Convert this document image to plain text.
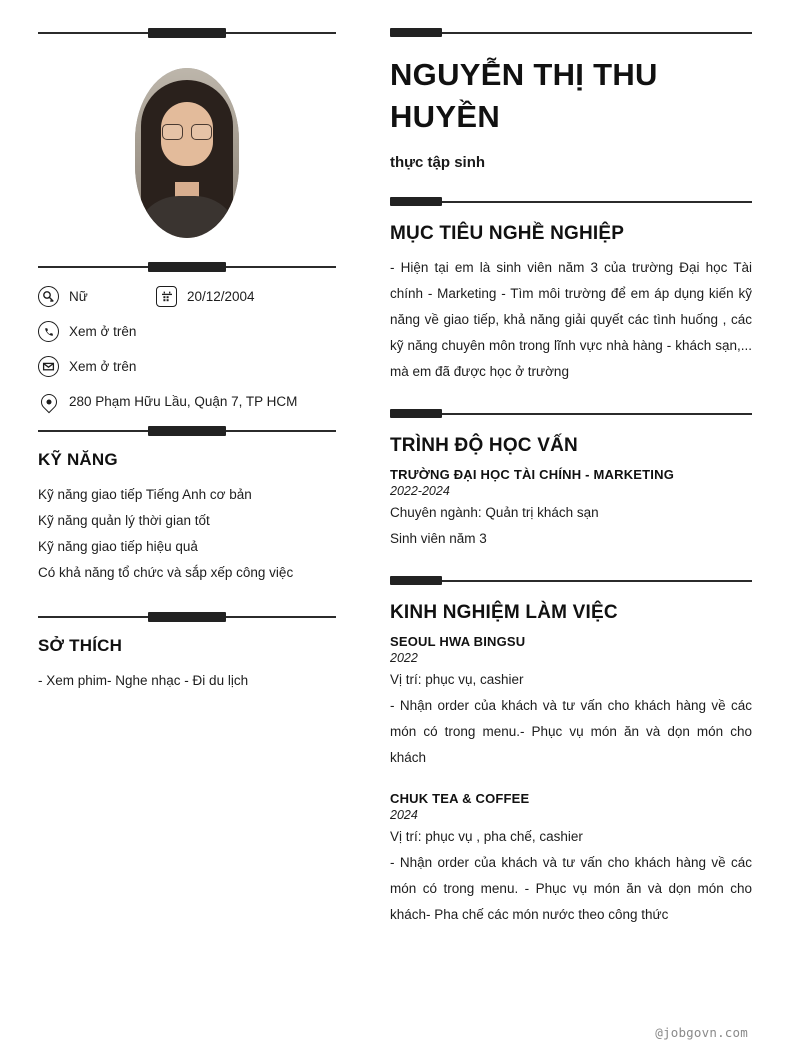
Nữ	20/12/2004
Xem ở trên
Xem ở trên
280 Phạm Hữu Lầu, Quận 7, TP HCM
KỸ NĂNG
Kỹ năng giao tiếp Tiếng Anh cơ bản
Kỹ năng quản lý thời gian tốt
Kỹ năng giao tiếp hiệu quả
Có khả năng tổ chức và sắp xếp công việc
SỞ THÍCH
- Xem phim- Nghe nhạc - Đi du lịch
NGUYỄN THỊ THU HUYỀN
thực tập sinh
MỤC TIÊU NGHỀ NGHIỆP

- Hiện tại em là sinh viên năm 3 của trường Đại học Tài chính - Marketing - Tìm môi trường để em áp dụng kiến kỹ năng về giao tiếp, khả năng giải quyết các tình huống , các kỹ năng chuyên môn trong lĩnh vực nhà hàng - khách sạn,... mà em đã được học ở trường

TRÌNH ĐỘ HỌC VẤN
TRƯỜNG ĐẠI HỌC TÀI CHÍNH - MARKETING
2022-2024
Chuyên ngành: Quản trị khách sạn
Sinh viên năm 3
KINH NGHIỆM LÀM VIỆC
SEOUL HWA BINGSU
2022
Vị trí: phục vụ, cashier

- Nhận order của khách và tư vấn cho khách hàng về các món có trong menu.- Phục vụ món ăn và dọn món cho khách

CHUK TEA & COFFEE
2024
Vị trí: phục vụ , pha chế, cashier

- Nhận order của khách và tư vấn cho khách hàng về các món có trong menu. - Phục vụ món ăn và dọn món cho khách- Pha chế các món nước theo công thức

@jobgovn.com
